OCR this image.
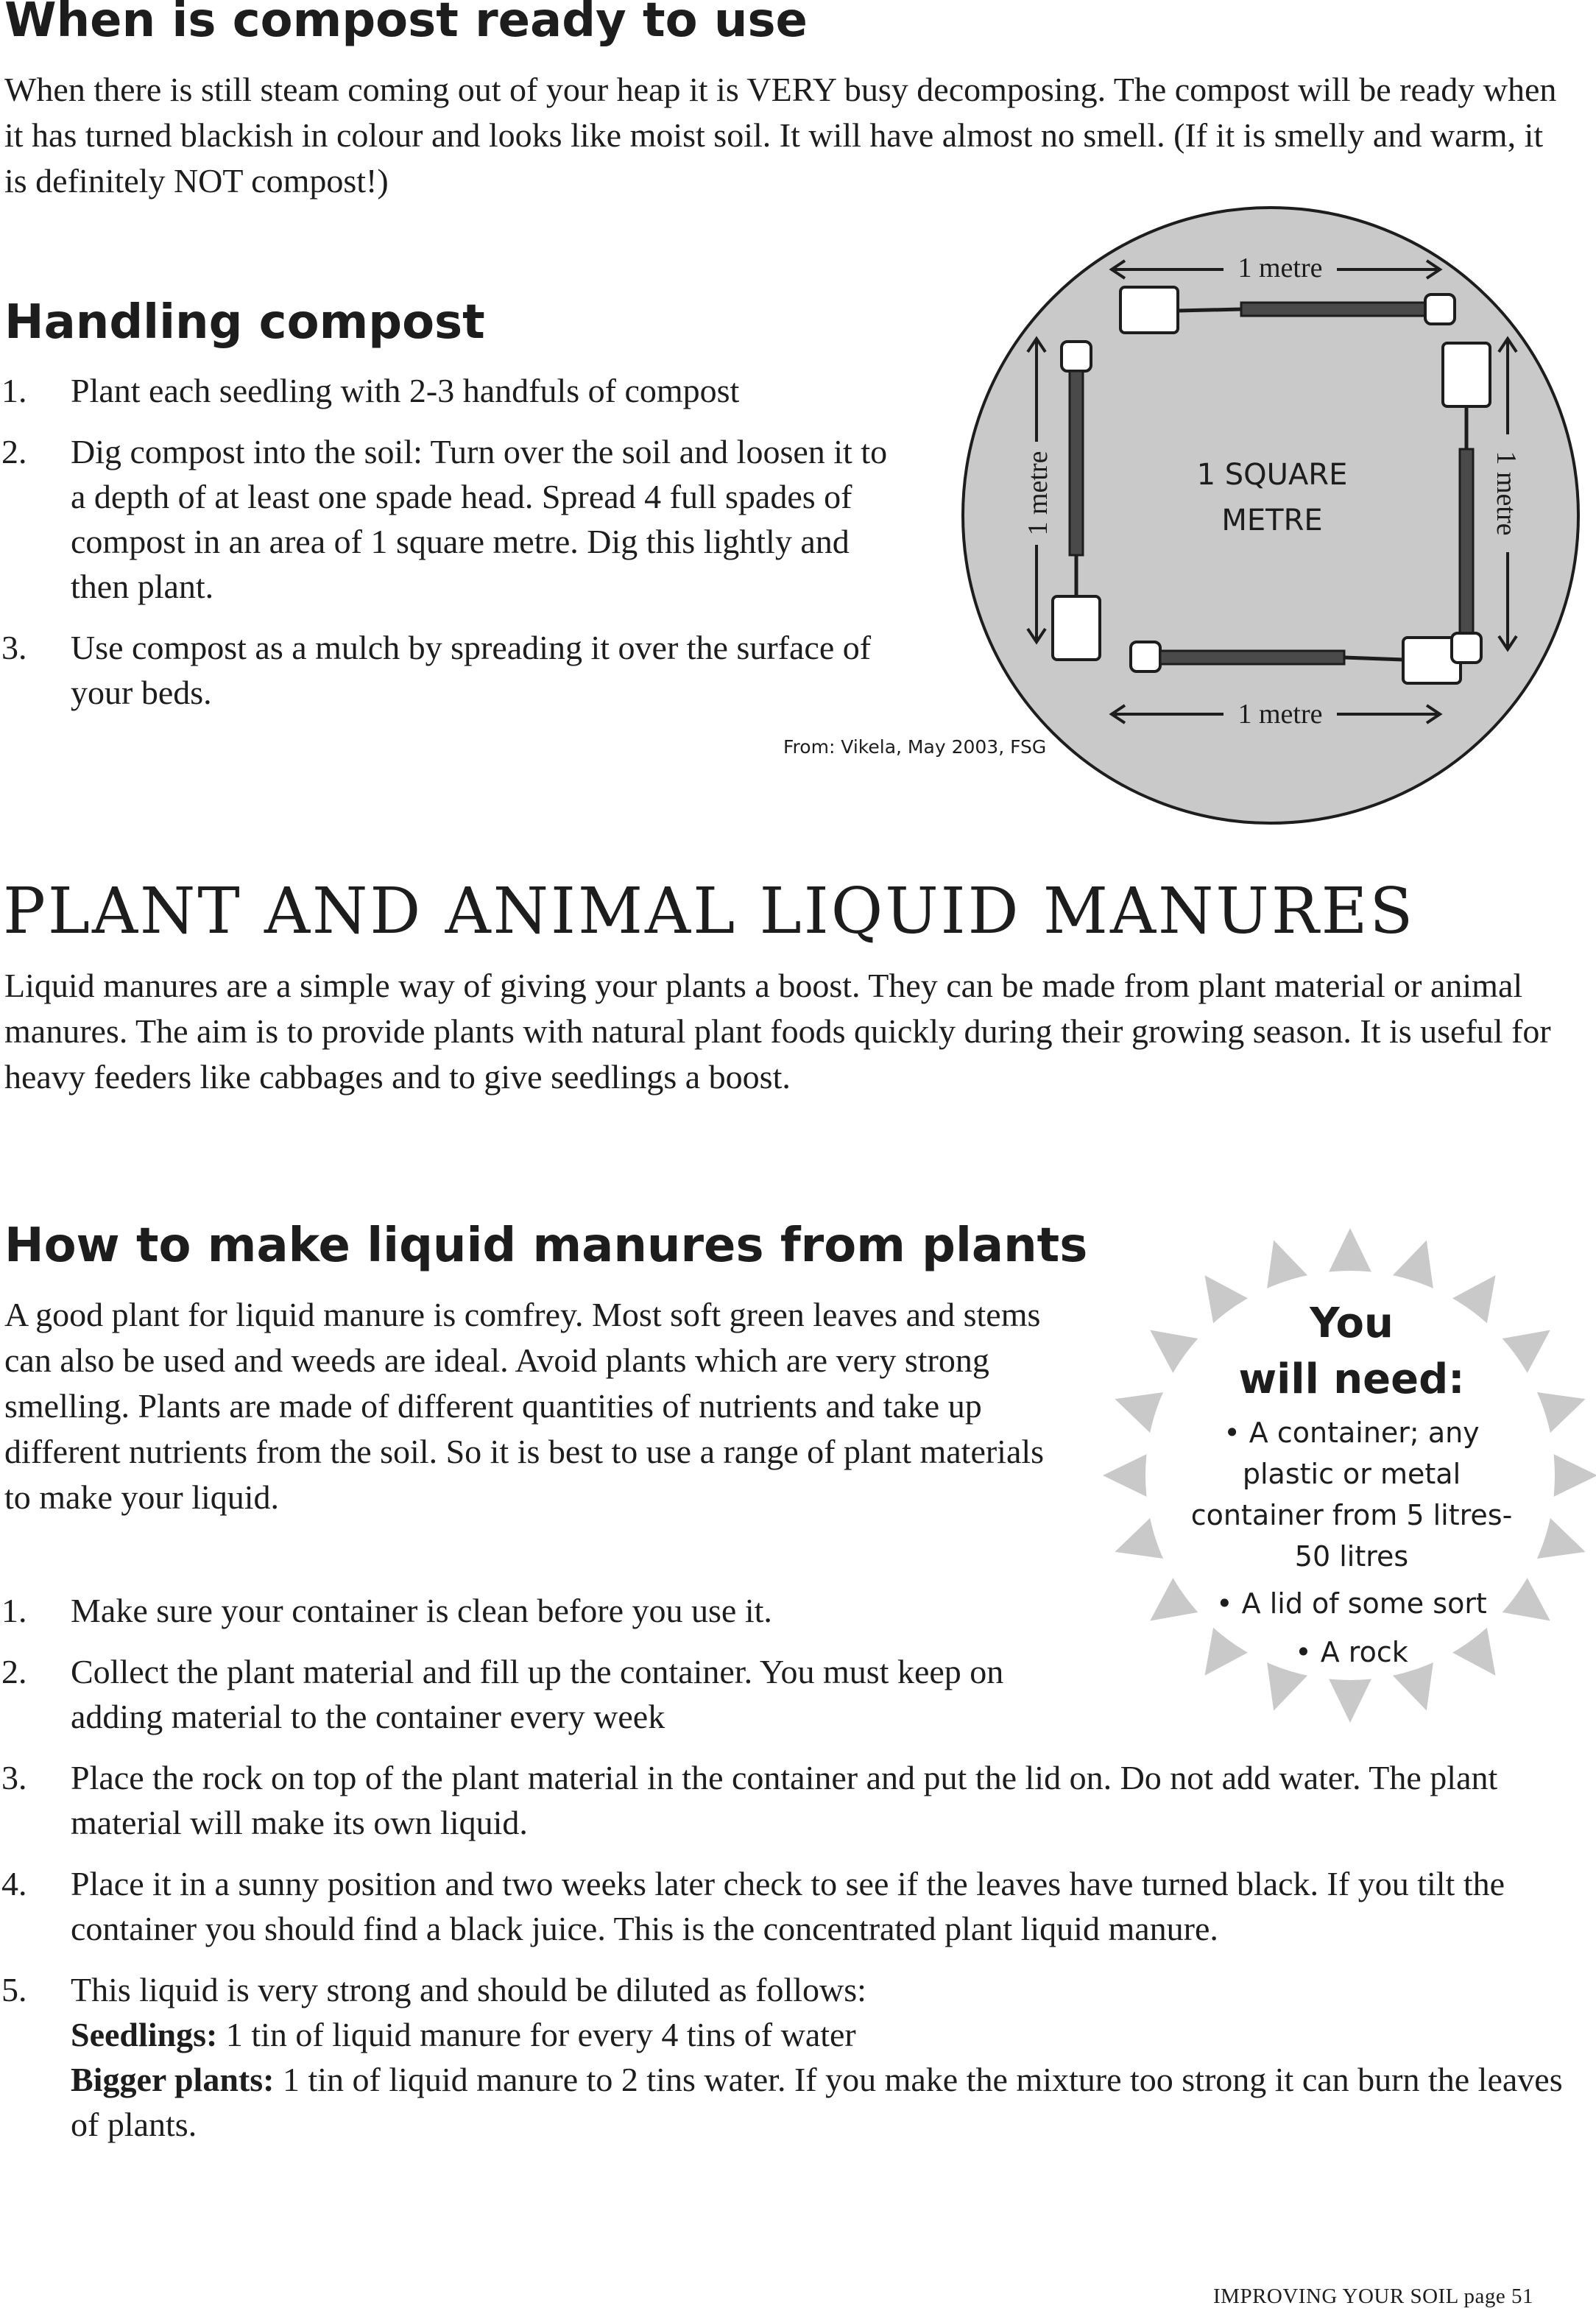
When is compost ready to use

When there is still steam coming out of your heap it is VERY busy decomposing. The compost will be ready when it has turned blackish in colour and looks like moist soil. It will have almost no smell. (If it is smelly and warm, it is definitely NOT compost!)

Handling compost
1. Plant each seedling with 2-3 handfuls of compost
2. Dig compost into the soil: Turn over the soil and loosen it to a depth of at least one spade head. Spread 4 full spades of compost in an area of 1 square metre. Dig this lightly and then plant.
3. Use compost as a mulch by spreading it over the surface of your beds.
From: Vikela, May 2003, FSG
1 metre
1 metre
1 metre	1 metre
1 SQUARE
METRE
PLANT AND ANIMAL LIQUID MANURES

Liquid manures are a simple way of giving your plants a boost. They can be made from plant material or animal manures. The aim is to provide plants with natural plant foods quickly during their growing season. It is useful for heavy feeders like cabbages and to give seedlings a boost.

How to make liquid manures from plants

A good plant for liquid manure is comfrey. Most soft green leaves and stems can also be used and weeds are ideal. Avoid plants which are very strong smelling. Plants are made of different quantities of nutrients and take up different nutrients from the soil. So it is best to use a range of plant materials to make your liquid.

1. Make sure your container is clean before you use it.
2. Collect the plant material and fill up the container. You must keep on adding material to the container every week
3. Place the rock on top of the plant material in the container and put the lid on. Do not add water. The plant material will make its own liquid.
4. Place it in a sunny position and two weeks later check to see if the leaves have turned black. If you tilt the container you should find a black juice. This is the concentrated plant liquid manure.
5. This liquid is very strong and should be diluted as follows:
Seedlings: 1 tin of liquid manure for every 4 tins of water
Bigger plants: 1 tin of liquid manure to 2 tins water. If you make the mixture too strong it can burn the leaves of plants.
You
will need:
• A container; any plastic or metal container from 5 litres-50 litres
• A lid of some sort
• A rock
IMPROVING YOUR SOIL page 51
